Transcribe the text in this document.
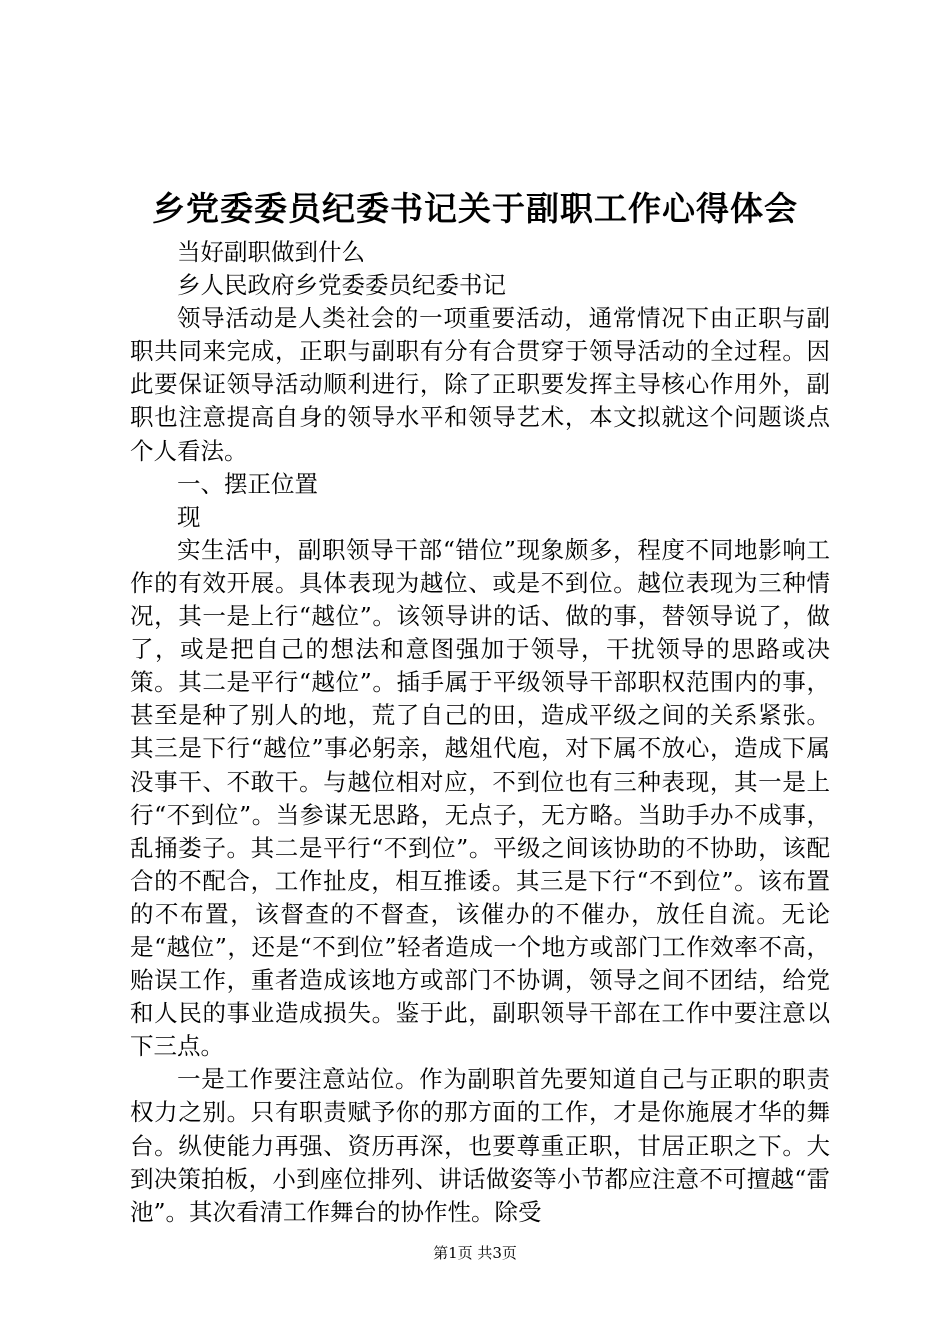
乡党委委员纪委书记关于副职工作心得体会

当好副职做到什么

乡人民政府乡党委委员纪委书记

领导活动是人类社会的一项重要活动，通常情况下由正职与副职共同来完成，正职与副职有分有合贯穿于领导活动的全过程。因此要保证领导活动顺利进行，除了正职要发挥主导核心作用外，副职也注意提高自身的领导水平和领导艺术，本文拟就这个问题谈点个人看法。

一、摆正位置

现

实生活中，副职领导干部“错位”现象颇多，程度不同地影响工作的有效开展。具体表现为越位、或是不到位。越位表现为三种情况，其一是上行“越位”。该领导讲的话、做的事，替领导说了，做了，或是把自己的想法和意图强加于领导，干扰领导的思路或决策。其二是平行“越位”。插手属于平级领导干部职权范围内的事，甚至是种了别人的地，荒了自己的田，造成平级之间的关系紧张。其三是下行“越位”事必躬亲，越俎代庖，对下属不放心，造成下属没事干、不敢干。与越位相对应，不到位也有三种表现，其一是上行“不到位”。当参谋无思路，无点子，无方略。当助手办不成事，乱捅娄子。其二是平行“不到位”。平级之间该协助的不协助，该配合的不配合，工作扯皮，相互推诿。其三是下行“不到位”。该布置的不布置，该督查的不督查，该催办的不催办，放任自流。无论是“越位”，还是“不到位”轻者造成一个地方或部门工作效率不高，贻误工作，重者造成该地方或部门不协调，领导之间不团结，给党和人民的事业造成损失。鉴于此，副职领导干部在工作中要注意以下三点。

一是工作要注意站位。作为副职首先要知道自己与正职的职责权力之别。只有职责赋予你的那方面的工作，才是你施展才华的舞台。纵使能力再强、资历再深，也要尊重正职，甘居正职之下。大到决策拍板，小到座位排列、讲话做姿等小节都应注意不可擅越“雷池”。其次看清工作舞台的协作性。除受

第1页 共3页
